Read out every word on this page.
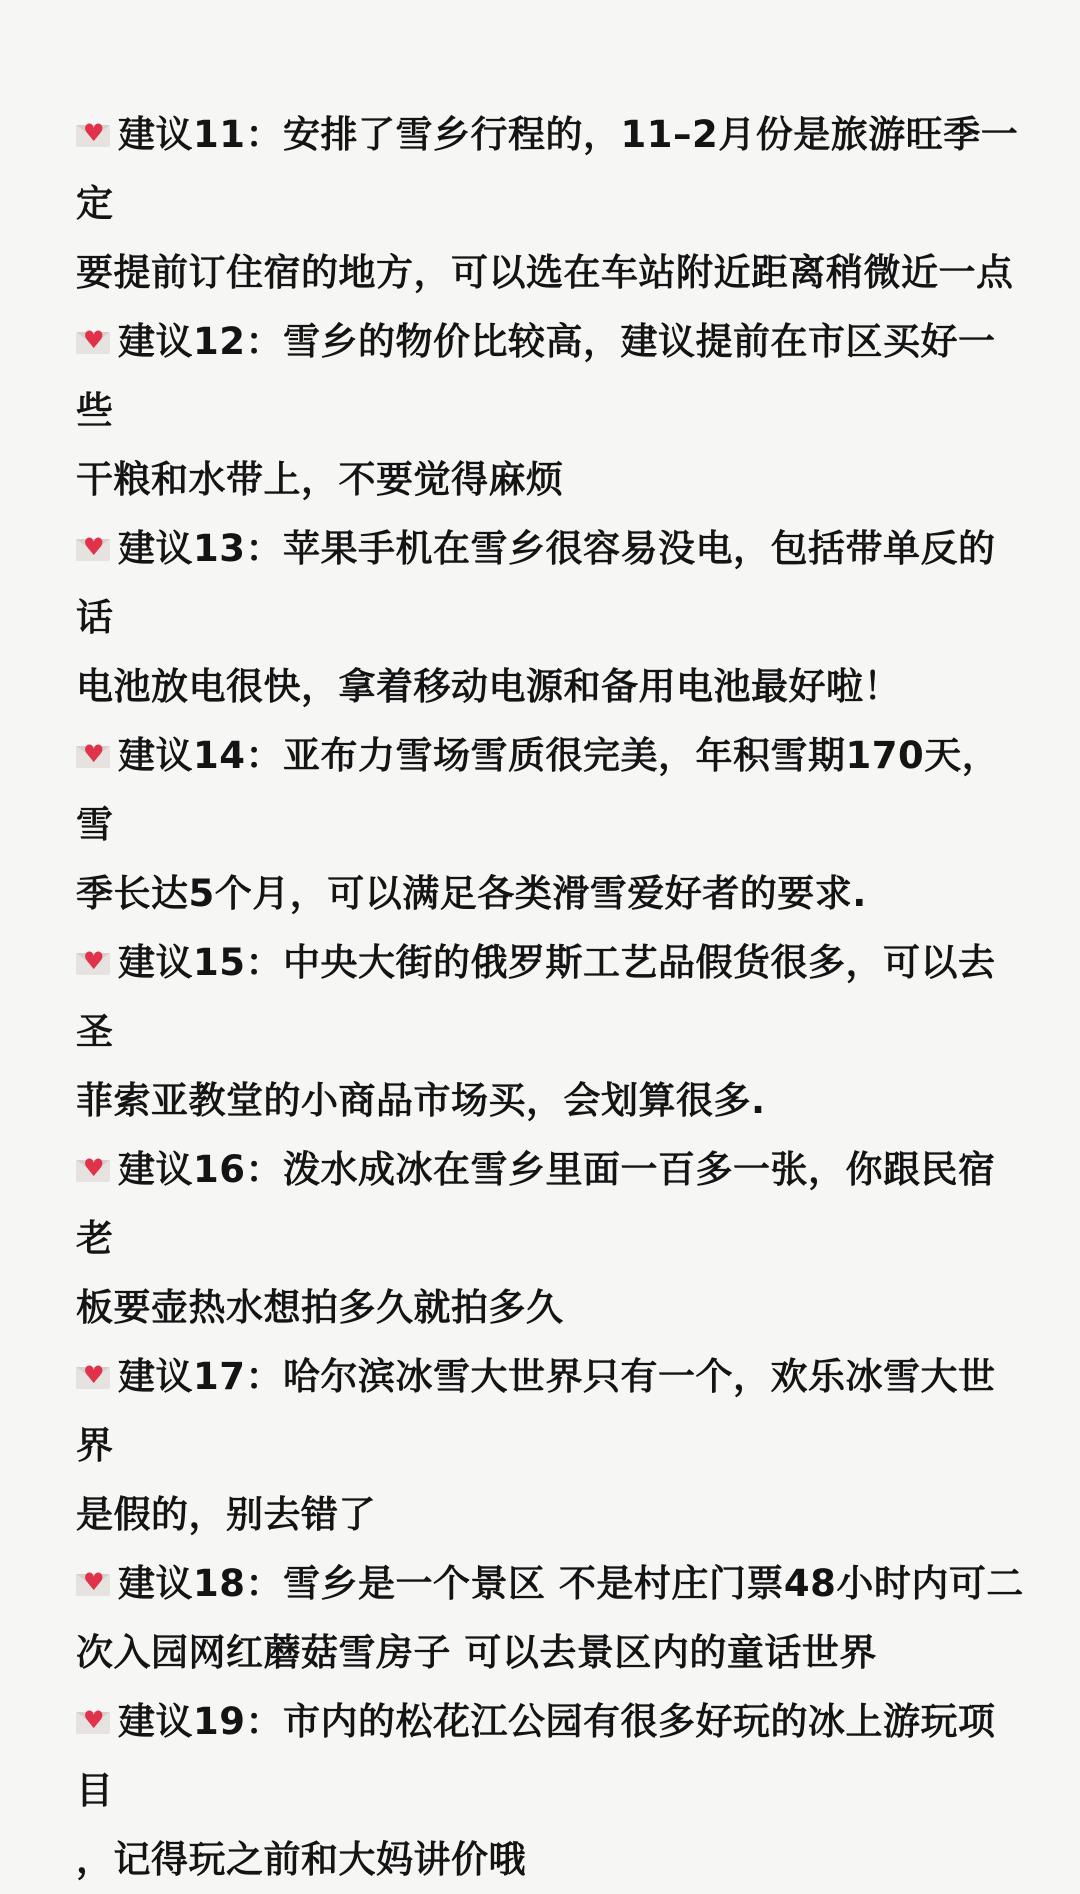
♥ 建议11：安排了雪乡行程的，11–2月份是旅游旺季一定
要提前订住宿的地方，可以选在车站附近距离稍微近一点

♥ 建议12：雪乡的物价比较高，建议提前在市区买好一些
干粮和水带上，不要觉得麻烦

♥ 建议13：苹果手机在雪乡很容易没电，包括带单反的话
电池放电很快，拿着移动电源和备用电池最好啦！

♥ 建议14：亚布力雪场雪质很完美，年积雪期170天，雪
季长达5个月，可以满足各类滑雪爱好者的要求.

♥ 建议15：中央大街的俄罗斯工艺品假货很多，可以去圣
菲索亚教堂的小商品市场买，会划算很多.

♥ 建议16：泼水成冰在雪乡里面一百多一张，你跟民宿老
板要壶热水想拍多久就拍多久

♥ 建议17：哈尔滨冰雪大世界只有一个，欢乐冰雪大世界
是假的，别去错了

♥ 建议18：雪乡是一个景区 不是村庄门票48小时内可二
次入园网红蘑菇雪房子 可以去景区内的童话世界

♥ 建议19：市内的松花江公园有很多好玩的冰上游玩项目
，记得玩之前和大妈讲价哦
